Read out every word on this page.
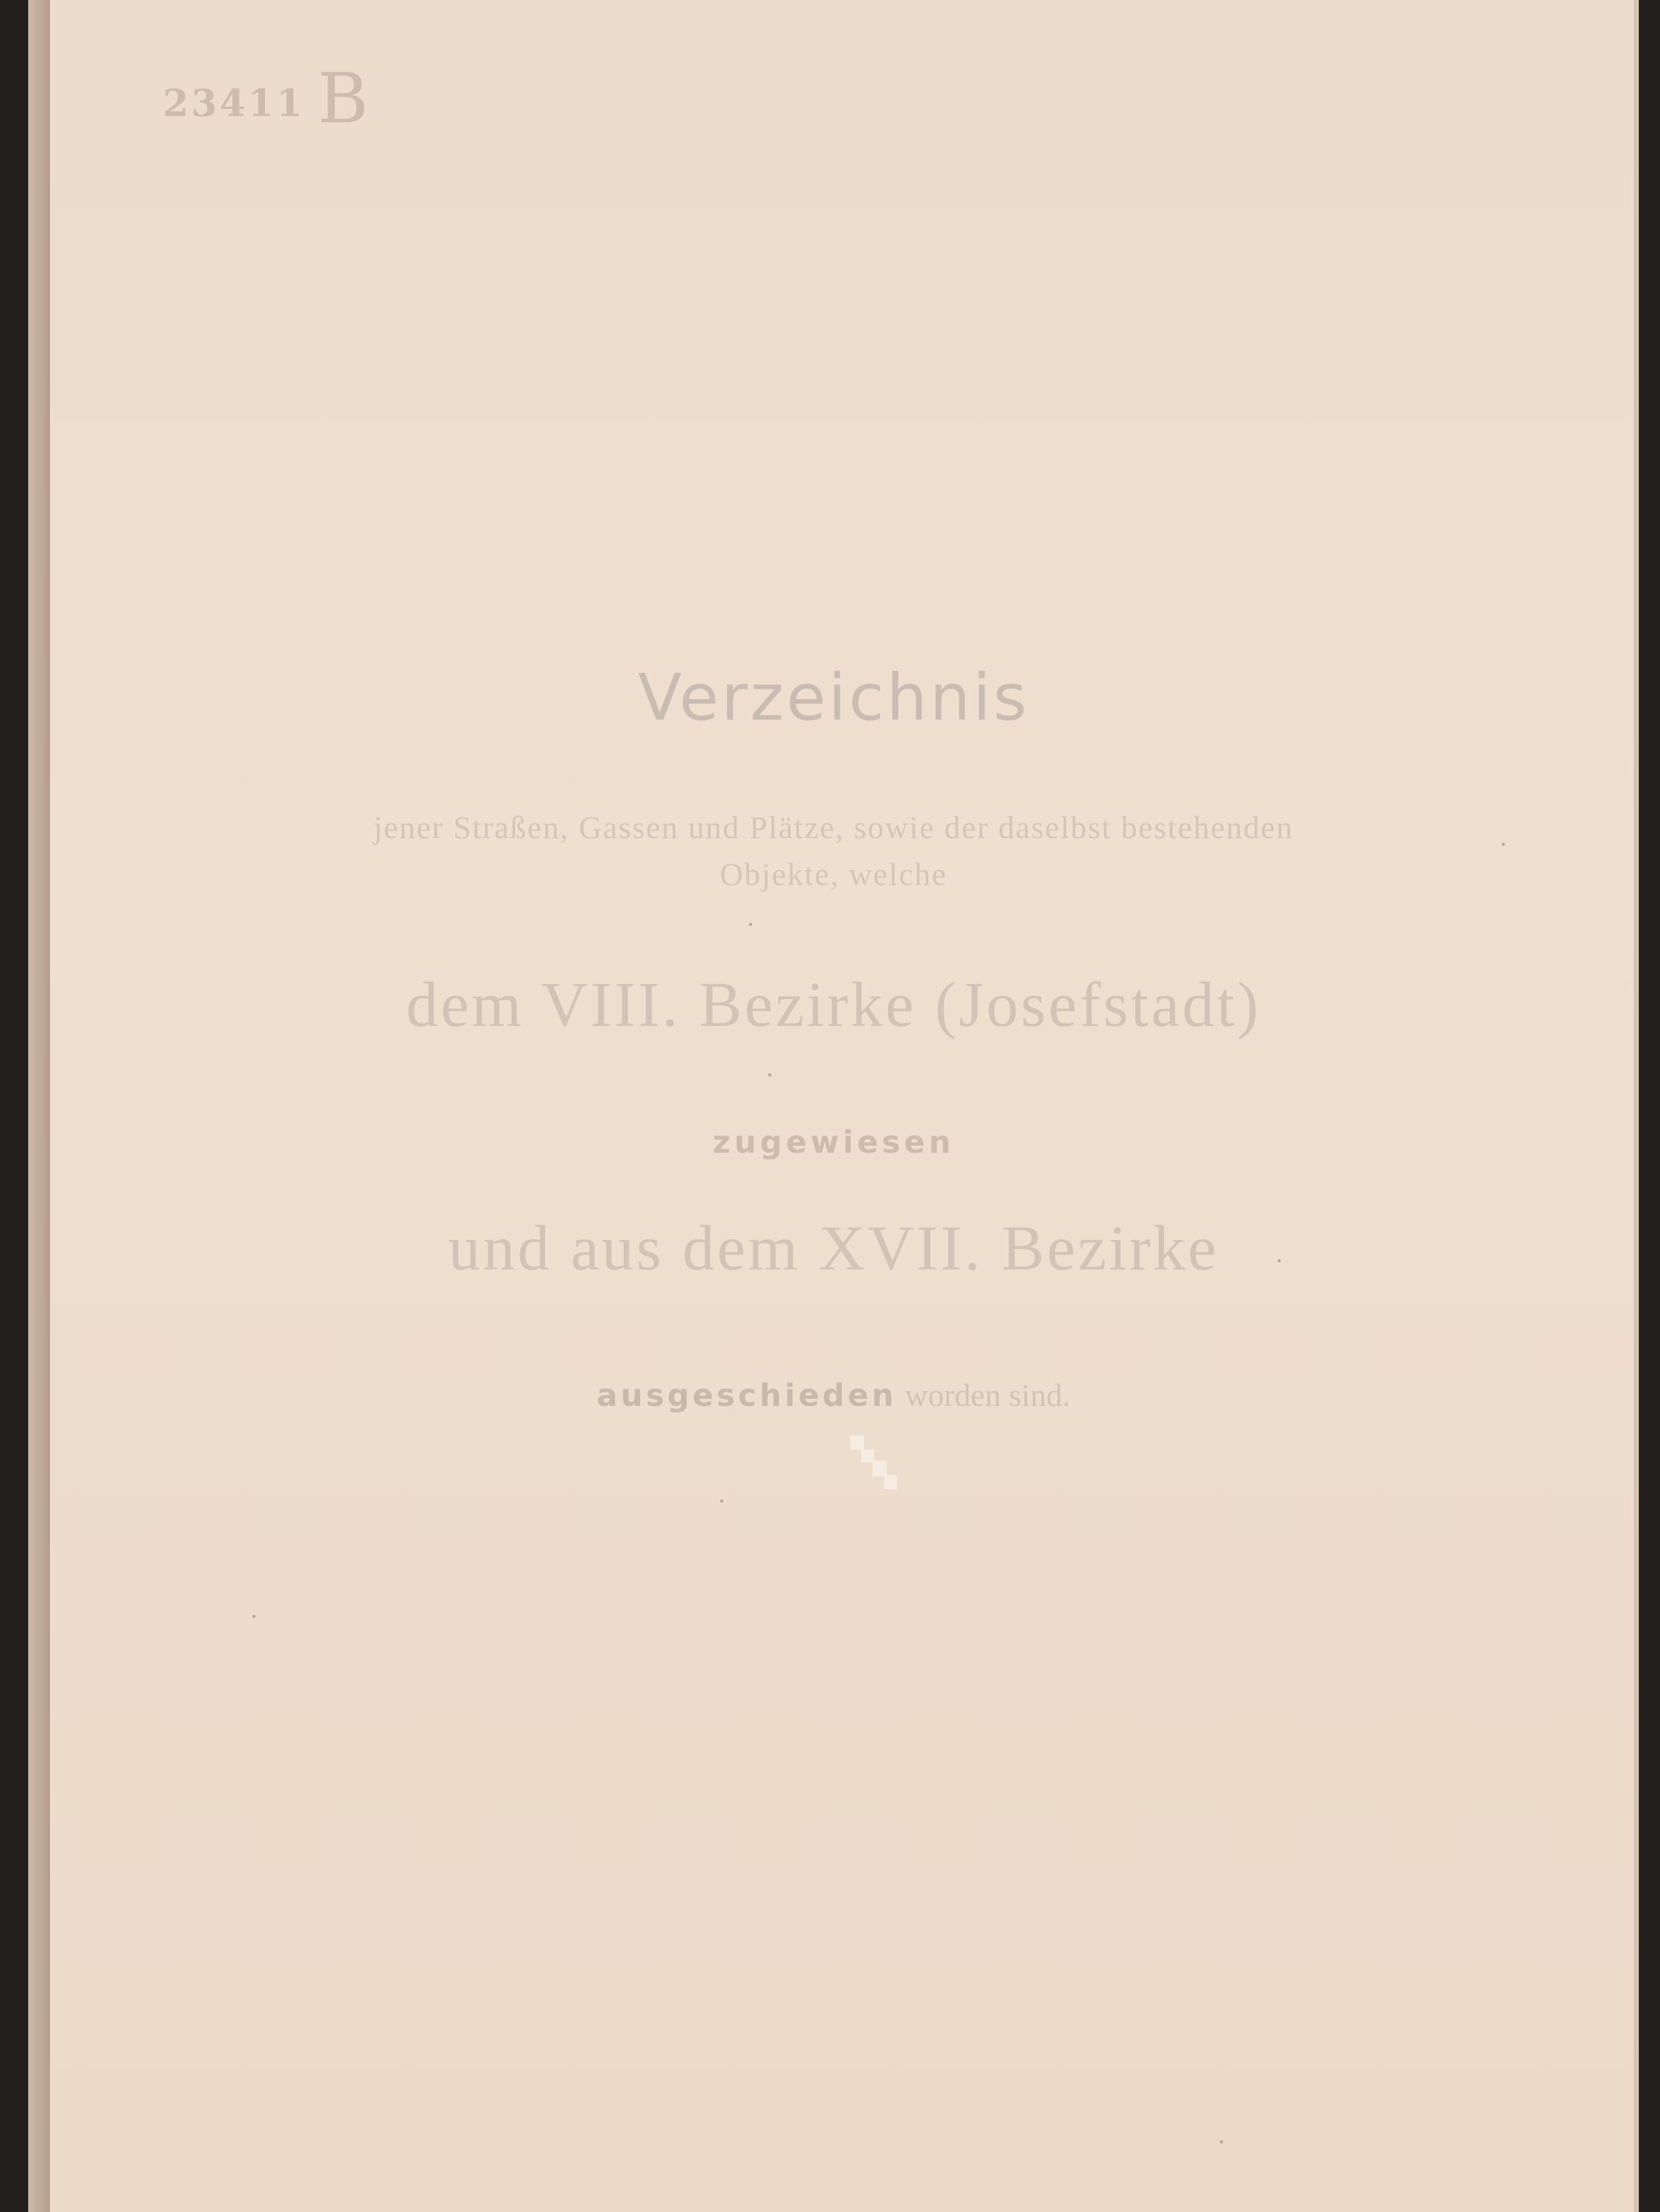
23411 B

Verzeichnis

jener Straßen, Gassen und Plätze, sowie der daselbst bestehenden

Objekte, welche

dem VIII. Bezirke (Josefstadt)

zugewiesen

und aus dem XVII. Bezirke

ausgeschieden worden sind.
